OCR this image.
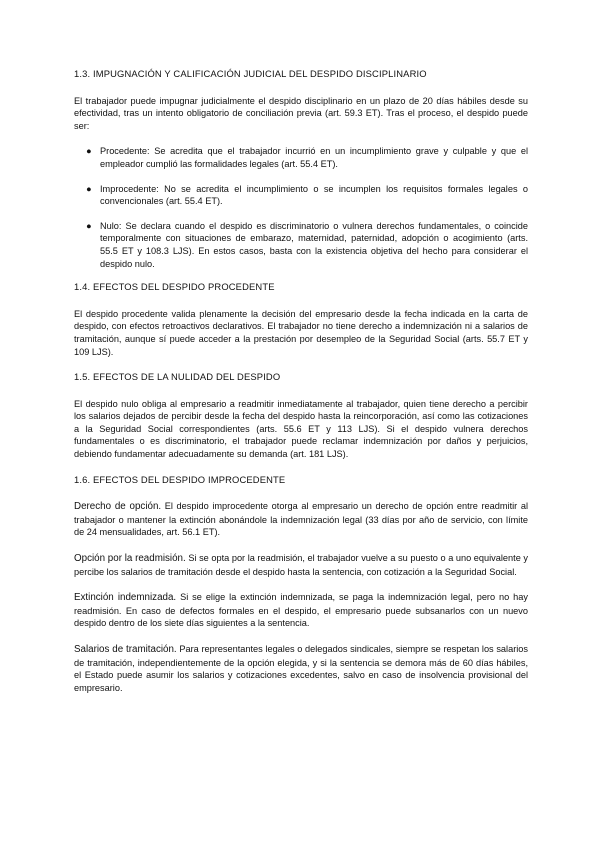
1.3. IMPUGNACIÓN Y CALIFICACIÓN JUDICIAL DEL DESPIDO DISCIPLINARIO

El trabajador puede impugnar judicialmente el despido disciplinario en un plazo de 20 días hábiles desde su efectividad, tras un intento obligatorio de conciliación previa (art. 59.3 ET). Tras el proceso, el despido puede ser:

● Procedente: Se acredita que el trabajador incurrió en un incumplimiento grave y culpable y que el empleador cumplió las formalidades legales (art. 55.4 ET).
● Improcedente: No se acredita el incumplimiento o se incumplen los requisitos formales legales o convencionales (art. 55.4 ET).
● Nulo: Se declara cuando el despido es discriminatorio o vulnera derechos fundamentales, o coincide temporalmente con situaciones de embarazo, maternidad, paternidad, adopción o acogimiento (arts. 55.5 ET y 108.3 LJS). En estos casos, basta con la existencia objetiva del hecho para considerar el despido nulo.
1.4. EFECTOS DEL DESPIDO PROCEDENTE

El despido procedente valida plenamente la decisión del empresario desde la fecha indicada en la carta de despido, con efectos retroactivos declarativos. El trabajador no tiene derecho a indemnización ni a salarios de tramitación, aunque sí puede acceder a la prestación por desempleo de la Seguridad Social (arts. 55.7 ET y 109 LJS).

1.5. EFECTOS DE LA NULIDAD DEL DESPIDO

El despido nulo obliga al empresario a readmitir inmediatamente al trabajador, quien tiene derecho a percibir los salarios dejados de percibir desde la fecha del despido hasta la reincorporación, así como las cotizaciones a la Seguridad Social correspondientes (arts. 55.6 ET y 113 LJS). Si el despido vulnera derechos fundamentales o es discriminatorio, el trabajador puede reclamar indemnización por daños y perjuicios, debiendo fundamentar adecuadamente su demanda (art. 181 LJS).

1.6. EFECTOS DEL DESPIDO IMPROCEDENTE

Derecho de opción. El despido improcedente otorga al empresario un derecho de opción entre readmitir al trabajador o mantener la extinción abonándole la indemnización legal (33 días por año de servicio, con límite de 24 mensualidades, art. 56.1 ET).

Opción por la readmisión. Si se opta por la readmisión, el trabajador vuelve a su puesto o a uno equivalente y percibe los salarios de tramitación desde el despido hasta la sentencia, con cotización a la Seguridad Social.

Extinción indemnizada. Si se elige la extinción indemnizada, se paga la indemnización legal, pero no hay readmisión. En caso de defectos formales en el despido, el empresario puede subsanarlos con un nuevo despido dentro de los siete días siguientes a la sentencia.

Salarios de tramitación. Para representantes legales o delegados sindicales, siempre se respetan los salarios de tramitación, independientemente de la opción elegida, y si la sentencia se demora más de 60 días hábiles, el Estado puede asumir los salarios y cotizaciones excedentes, salvo en caso de insolvencia provisional del empresario.
